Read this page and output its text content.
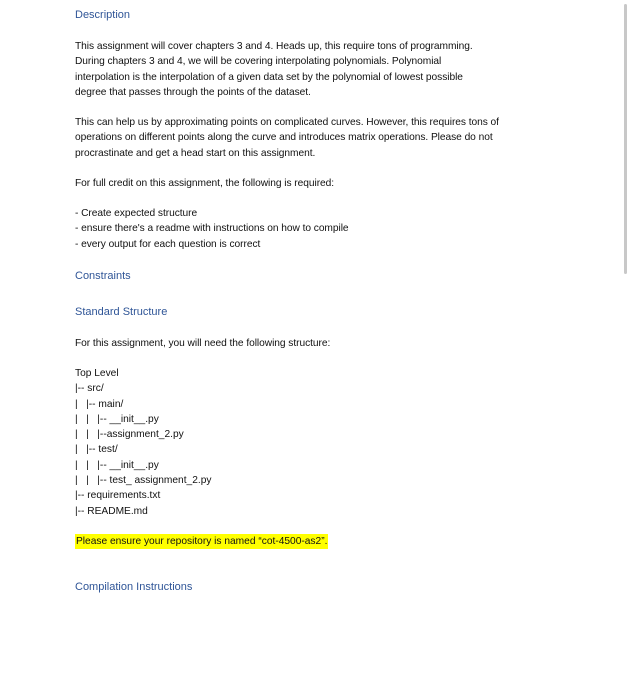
Description
This assignment will cover chapters 3 and 4. Heads up, this require tons of programming.
During chapters 3 and 4, we will be covering interpolating polynomials. Polynomial
interpolation is the interpolation of a given data set by the polynomial of lowest possible
degree that passes through the points of the dataset.
This can help us by approximating points on complicated curves. However, this requires tons of
operations on different points along the curve and introduces matrix operations. Please do not
procrastinate and get a head start on this assignment.

For full credit on this assignment, the following is required:

- Create expected structure
- ensure there's a readme with instructions on how to compile
- every output for each question is correct
Constraints
Standard Structure

For this assignment, you will need the following structure:

Top Level
|-- src/
|   |-- main/
|   |   |-- __init__.py
|   |   |--assignment_2.py
|   |-- test/
|   |   |-- __init__.py
|   |   |-- test_ assignment_2.py
|-- requirements.txt
|-- README.md

Please ensure your repository is named “cot-4500-as2”.

Compilation Instructions
